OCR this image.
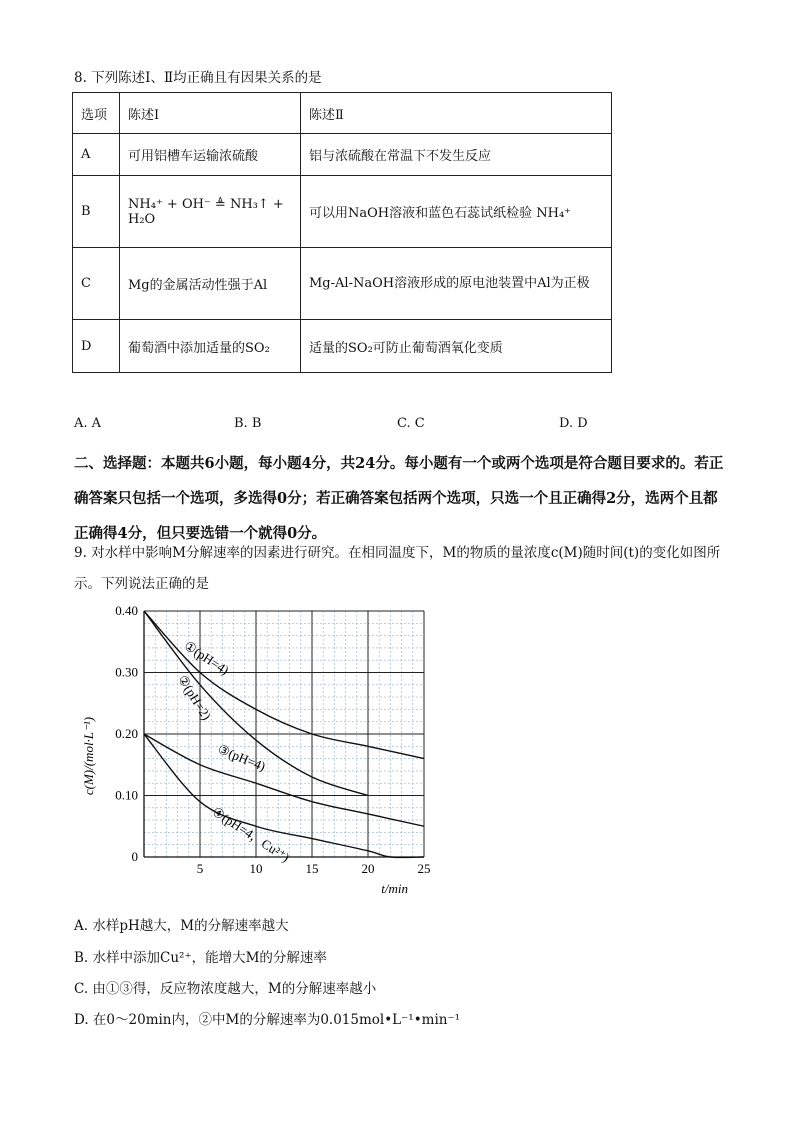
8. 下列陈述Ⅰ、Ⅱ均正确且有因果关系的是
选项	陈述Ⅰ	陈述Ⅱ
A	可用铝槽车运输浓硫酸	铝与浓硫酸在常温下不发生反应
B	NH₄⁺ + OH⁻ ≜ NH₃↑ + H₂O	可以用NaOH溶液和蓝色石蕊试纸检验 NH₄⁺
C	Mg的金属活动性强于Al	Mg-Al-NaOH溶液形成的原电池装置中Al为正极
D	葡萄酒中添加适量的SO₂	适量的SO₂可防止葡萄酒氧化变质
A. A	B. B	C. C	D. D
二、选择题：本题共6小题，每小题4分，共24分。每小题有一个或两个选项是符合题目要求的。若正确答案只包括一个选项，多选得0分；若正确答案包括两个选项，只选一个且正确得2分，选两个且都正确得4分，但只要选错一个就得0分。
9. 对水样中影响M分解速率的因素进行研究。在相同温度下，M的物质的量浓度c(M)随时间(t)的变化如图所示。下列说法正确的是
5	10	15	20	25
0
0.10
0.20
0.30
0.40
c(M)/(mol·L⁻¹)
t/min
①(pH=4)
②(pH=2)
③(pH=4)
④(pH=4，Cu²⁺)
A. 水样pH越大，M的分解速率越大
B. 水样中添加Cu²⁺，能增大M的分解速率
C. 由①③得，反应物浓度越大，M的分解速率越小
D. 在0～20min内，②中M的分解速率为0.015mol•L⁻¹•min⁻¹
